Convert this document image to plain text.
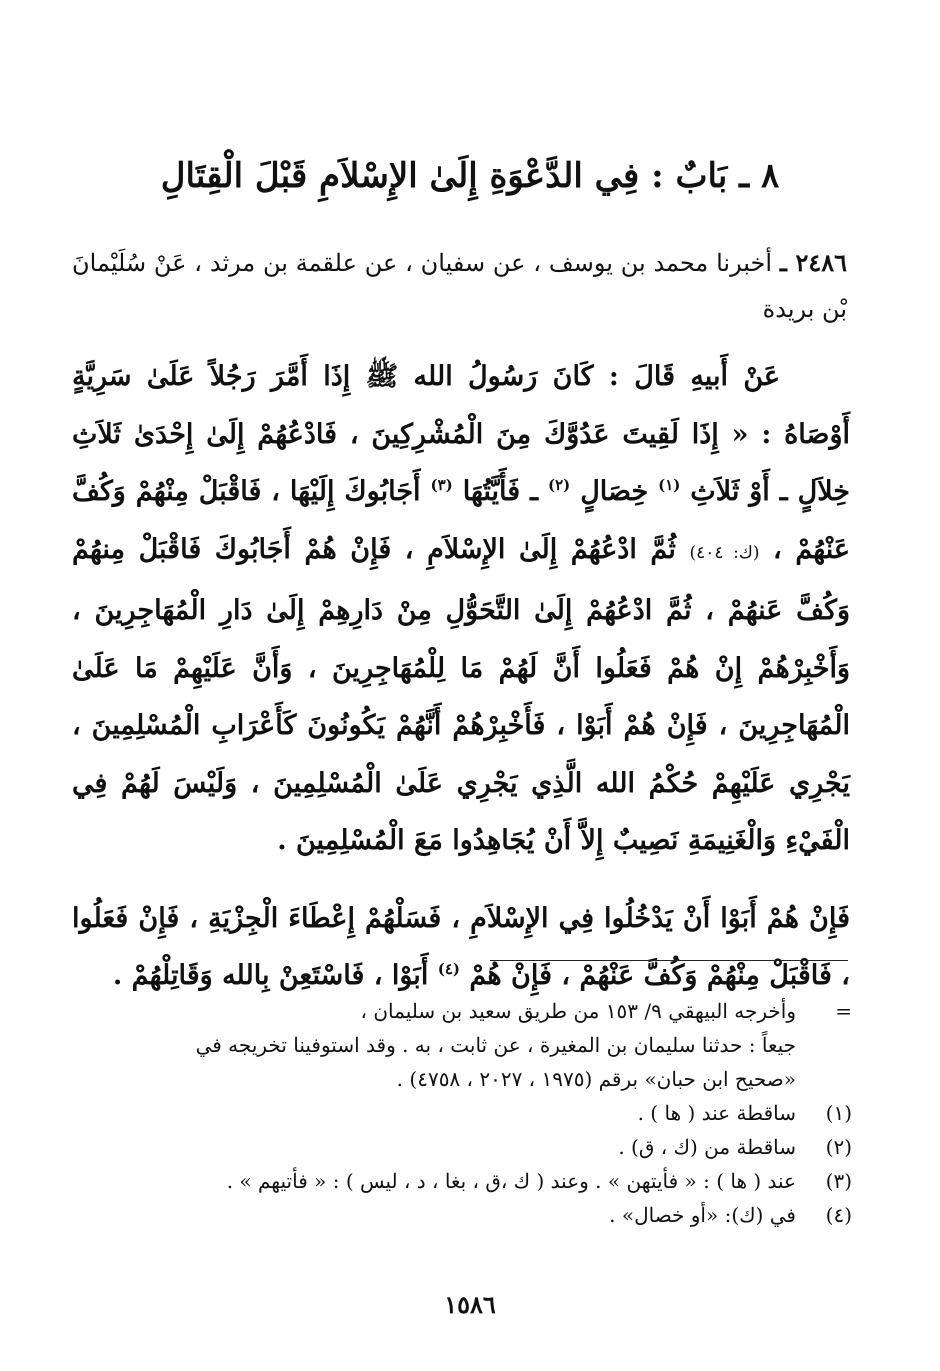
٨ ـ بَابٌ : فِي الدَّعْوَةِ إِلَىٰ الإِسْلاَمِ قَبْلَ الْقِتَالِ
٢٤٨٦ ـ أخبرنا محمد بن يوسف ، عن سفيان ، عن علقمة بن مرثد ، عَنْ سُلَيْمانَ بْن بريدة

عَنْ أَبيهِ قَالَ : كَانَ رَسُولُ الله ﷺ إِذَا أَمَّرَ رَجُلاً عَلَىٰ سَرِيَّةٍ أَوْصَاهُ : « إِذَا لَقِيتَ عَدُوَّكَ مِنَ الْمُشْرِكِينَ ، فَادْعُهُمْ إِلَىٰ إِحْدَىٰ ثَلاَثِ خِلاَلٍ ـ أَوْ ثَلاَثِ $^{(١)}$ خِصَالٍ $^{(٢)}$ ـ فَأَيَّتُهَا $^{(٣)}$ أَجَابُوكَ إِلَيْهَا ، فَاقْبَلْ مِنْهُمْ وَكُفَّ عَنْهُمْ ، (ك: ٤٠٤) ثُمَّ ادْعُهُمْ إِلَىٰ الإِسْلاَمِ ، فَإِنْ هُمْ أَجَابُوكَ فَاقْبَلْ مِنهُمْ وَكُفَّ عَنهُمْ ، ثُمَّ ادْعُهُمْ إِلَىٰ التَّحَوُّلِ مِنْ دَارِهِمْ إِلَىٰ دَارِ الْمُهَاجِرِينَ ، وَأَخْبِرْهُمْ إِنْ هُمْ فَعَلُوا أَنَّ لَهُمْ مَا لِلْمُهَاجِرِينَ ، وَأَنَّ عَلَيْهِمْ مَا عَلَىٰ الْمُهَاجِرِينَ ، فَإِنْ هُمْ أَبَوْا ، فَأَخْبِرْهُمْ أَنَّهُمْ يَكُونُونَ كَأَعْرَابِ الْمُسْلِمِينَ ، يَجْرِي عَلَيْهِمْ حُكْمُ الله الَّذِي يَجْرِي عَلَىٰ الْمُسْلِمِينَ ، وَلَيْسَ لَهُمْ فِي الْفَيْءِ وَالْغَنِيمَةِ نَصِيبٌ إِلاَّ أَنْ يُجَاهِدُوا مَعَ الْمُسْلِمِينَ .

فَإِنْ هُمْ أَبَوْا أَنْ يَدْخُلُوا فِي الإِسْلاَمِ ، فَسَلْهُمْ إِعْطَاءَ الْجِزْيَةِ ، فَإِنْ فَعَلُوا ، فَاقْبَلْ مِنْهُمْ وَكُفَّ عَنْهُمْ ، فَإِنْ هُمْ $^{(٤)}$ أَبَوْا ، فَاسْتَعِنْ بِالله وَقَاتِلْهُمْ .

=
وأخرجه البيهقي ٩/ ١٥٣ من طريق سعيد بن سليمان ،
جيعاً : حدثنا سليمان بن المغيرة ، عن ثابت ، به . وقد استوفينا تخريجه في
«صحيح ابن حبان» برقم (١٩٧٥ ، ٢٠٢٧ ، ٤٧٥٨) .
(١)
ساقطة عند ( ها ) .
(٢)
ساقطة من (ك ، ق) .
(٣)
عند ( ها ) : « فأيتهن » . وعند ( ك ،ق ، بغا ، د ، ليس ) : « فأتيهم » .
(٤)
في (ك): «أو خصال» .
١٥٨٦
